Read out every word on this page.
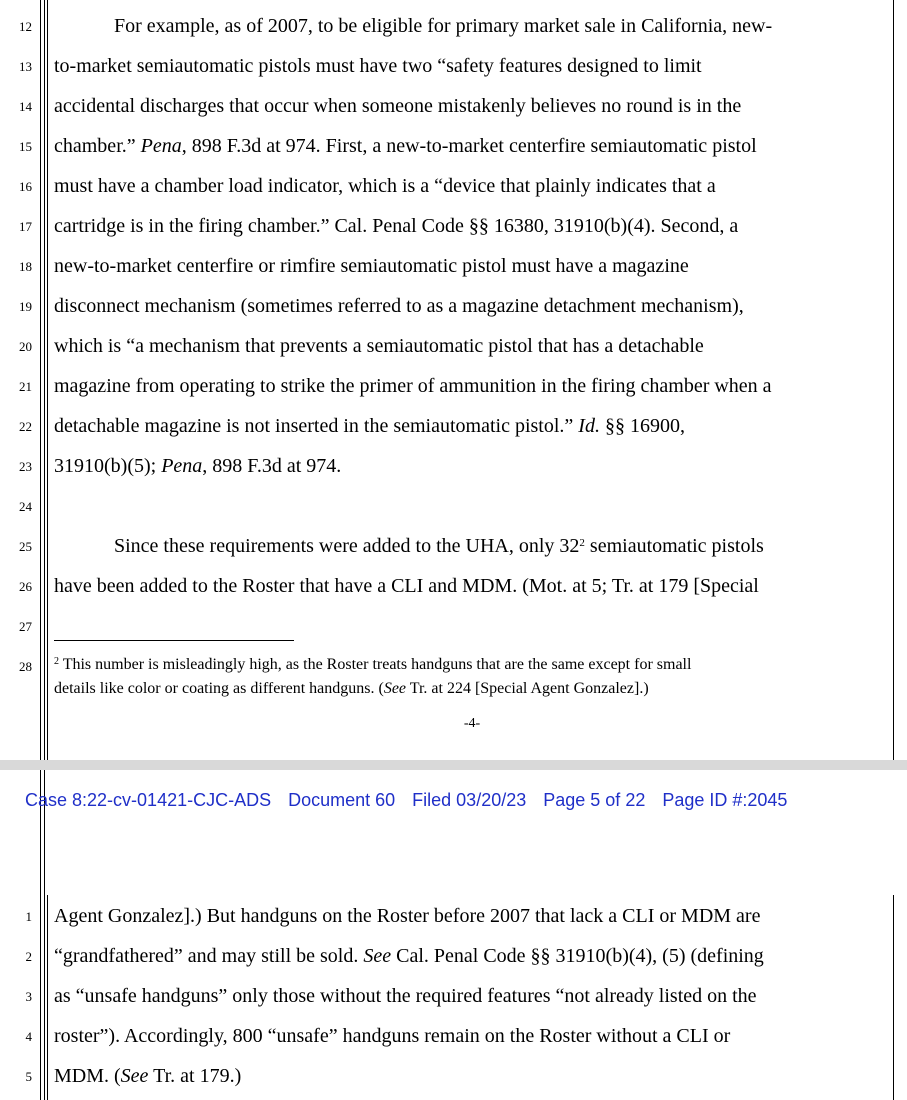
12
13
14
15
16
17
18
19
20
21
22
23
24
25
26
27
28
For example, as of 2007, to be eligible for primary market sale in California, new-
to-market semiautomatic pistols must have two “safety features designed to limit
accidental discharges that occur when someone mistakenly believes no round is in the
chamber.” Pena, 898 F.3d at 974. First, a new-to-market centerfire semiautomatic pistol
must have a chamber load indicator, which is a “device that plainly indicates that a
cartridge is in the firing chamber.” Cal. Penal Code §§ 16380, 31910(b)(4). Second, a
new-to-market centerfire or rimfire semiautomatic pistol must have a magazine
disconnect mechanism (sometimes referred to as a magazine detachment mechanism),
which is “a mechanism that prevents a semiautomatic pistol that has a detachable
magazine from operating to strike the primer of ammunition in the firing chamber when a
detachable magazine is not inserted in the semiautomatic pistol.” Id. §§ 16900,
31910(b)(5); Pena, 898 F.3d at 974.
Since these requirements were added to the UHA, only $32^2$ semiautomatic pistols
have been added to the Roster that have a CLI and MDM. (Mot. at 5; Tr. at 179 [Special
$^2$ This number is misleadingly high, as the Roster treats handguns that are the same except for small
details like color or coating as different handguns. (See Tr. at 224 [Special Agent Gonzalez].)
-4-
Case 8:22-cv-01421-CJC-ADS Document 60 Filed 03/20/23 Page 5 of 22 Page ID #:2045
1
2
3
4
5
Agent Gonzalez].) But handguns on the Roster before 2007 that lack a CLI or MDM are
“grandfathered” and may still be sold. See Cal. Penal Code §§ 31910(b)(4), (5) (defining
as “unsafe handguns” only those without the required features “not already listed on the
roster”). Accordingly, 800 “unsafe” handguns remain on the Roster without a CLI or
MDM. (See Tr. at 179.)
